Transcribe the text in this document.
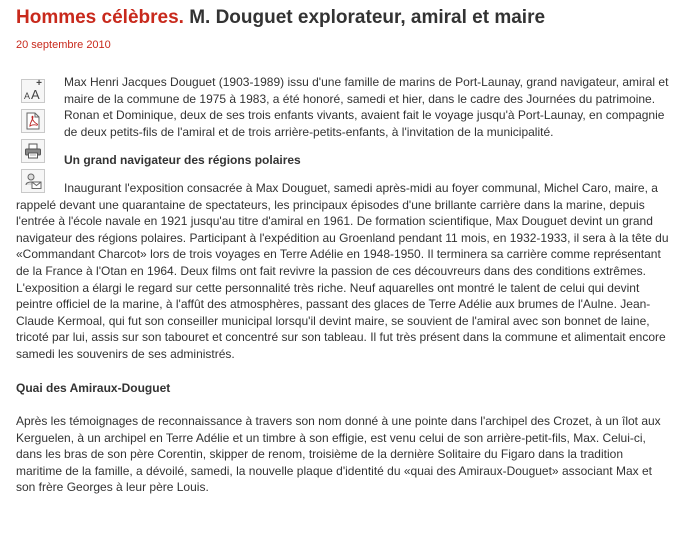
Hommes célèbres. M. Douguet explorateur, amiral et maire
20 septembre 2010

Max Henri Jacques Douguet (1903-1989) issu d'une famille de marins de Port-Launay, grand navigateur, amiral et maire de la commune de 1975 à 1983, a été honoré, samedi et hier, dans le cadre des Journées du patrimoine. Ronan et Dominique, deux de ses trois enfants vivants, avaient fait le voyage jusqu'à Port-Launay, en compagnie de deux petits-fils de l'amiral et de trois arrière-petits-enfants, à l'invitation de la municipalité.

Un grand navigateur des régions polaires

Inaugurant l'exposition consacrée à Max Douguet, samedi après-midi au foyer communal, Michel Caro, maire, a rappelé devant une quarantaine de spectateurs, les principaux épisodes d'une brillante carrière dans la marine, depuis l'entrée à l'école navale en 1921 jusqu'au titre d'amiral en 1961. De formation scientifique, Max Douguet devint un grand navigateur des régions polaires. Participant à l'expédition au Groenland pendant 11 mois, en 1932-1933, il sera à la tête du «Commandant Charcot» lors de trois voyages en Terre Adélie en 1948-1950. Il terminera sa carrière comme représentant de la France à l'Otan en 1964. Deux films ont fait revivre la passion de ces découvreurs dans des conditions extrêmes. L'exposition a élargi le regard sur cette personnalité très riche. Neuf aquarelles ont montré le talent de celui qui devint peintre officiel de la marine, à l'affût des atmosphères, passant des glaces de Terre Adélie aux brumes de l'Aulne. Jean-Claude Kermoal, qui fut son conseiller municipal lorsqu'il devint maire, se souvient de l'amiral avec son bonnet de laine, tricoté par lui, assis sur son tabouret et concentré sur son tableau. Il fut très présent dans la commune et alimentait encore samedi les souvenirs de ses administrés.

Quai des Amiraux-Douguet

Après les témoignages de reconnaissance à travers son nom donné à une pointe dans l'archipel des Crozet, à un îlot aux Kerguelen, à un archipel en Terre Adélie et un timbre à son effigie, est venu celui de son arrière-petit-fils, Max. Celui-ci, dans les bras de son père Corentin, skipper de renom, troisième de la dernière Solitaire du Figaro dans la tradition maritime de la famille, a dévoilé, samedi, la nouvelle plaque d'identité du «quai des Amiraux-Douguet» associant Max et son frère Georges à leur père Louis.

+
A A
